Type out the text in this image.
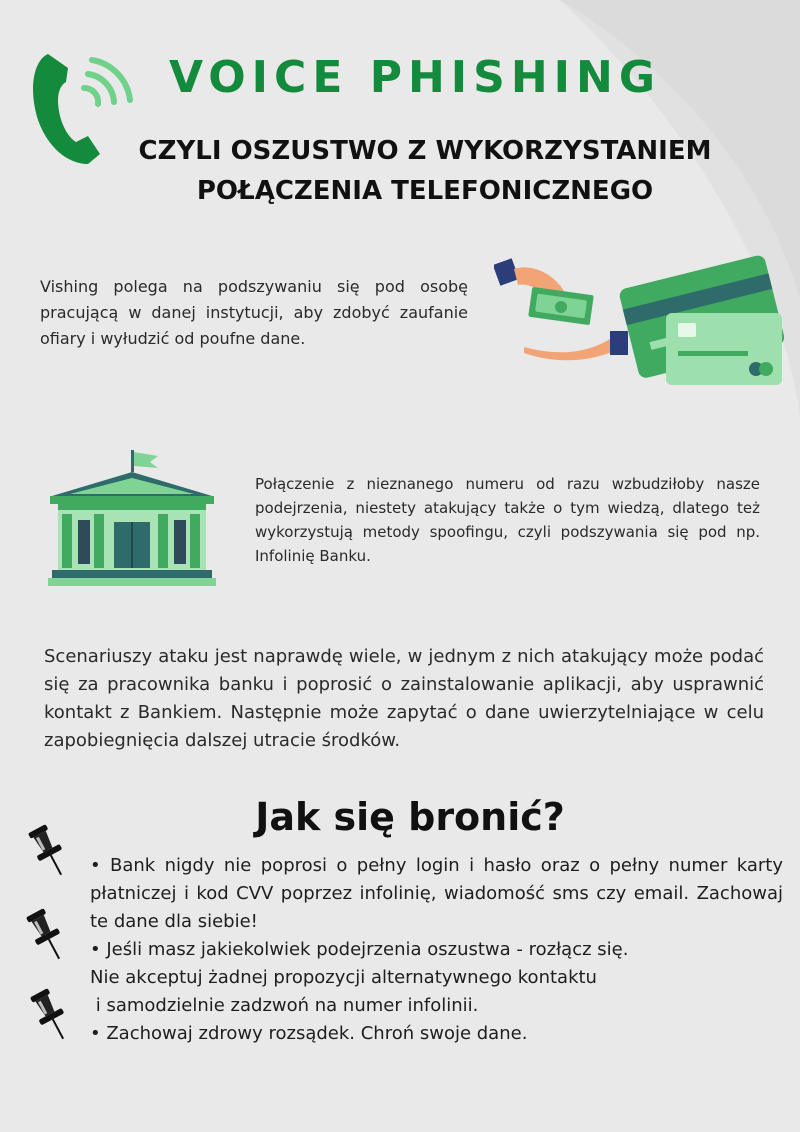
VOICE PHISHING
CZYLI OSZUSTWO Z WYKORZYSTANIEM
POŁĄCZENIA TELEFONICZNEGO
Vishing polega na podszywaniu się pod osobę pracującą w danej instytucji, aby zdobyć zaufanie ofiary i wyłudzić od poufne dane.
Połączenie z nieznanego numeru od razu wzbudziłoby nasze podejrzenia, niestety atakujący także o tym wiedzą, dlatego też wykorzystują metody spoofingu, czyli podszywania się pod np. Infolinię Banku.
Scenariuszy ataku jest naprawdę wiele, w jednym z nich atakujący może podać się za pracownika banku i poprosić o zainstalowanie aplikacji, aby usprawnić kontakt z Bankiem. Następnie może zapytać o dane uwierzytelniające w celu zapobiegnięcia dalszej utracie środków.
Jak się bronić?
• Bank nigdy nie poprosi o pełny login i hasło oraz o pełny numer karty płatniczej i kod CVV poprzez infolinię, wiadomość sms czy email. Zachowaj te dane dla siebie!
• Jeśli masz jakiekolwiek podejrzenia oszustwa - rozłącz się.
Nie akceptuj żadnej propozycji alternatywnego kontaktu
i samodzielnie zadzwoń na numer infolinii.
• Zachowaj zdrowy rozsądek. Chroń swoje dane.
